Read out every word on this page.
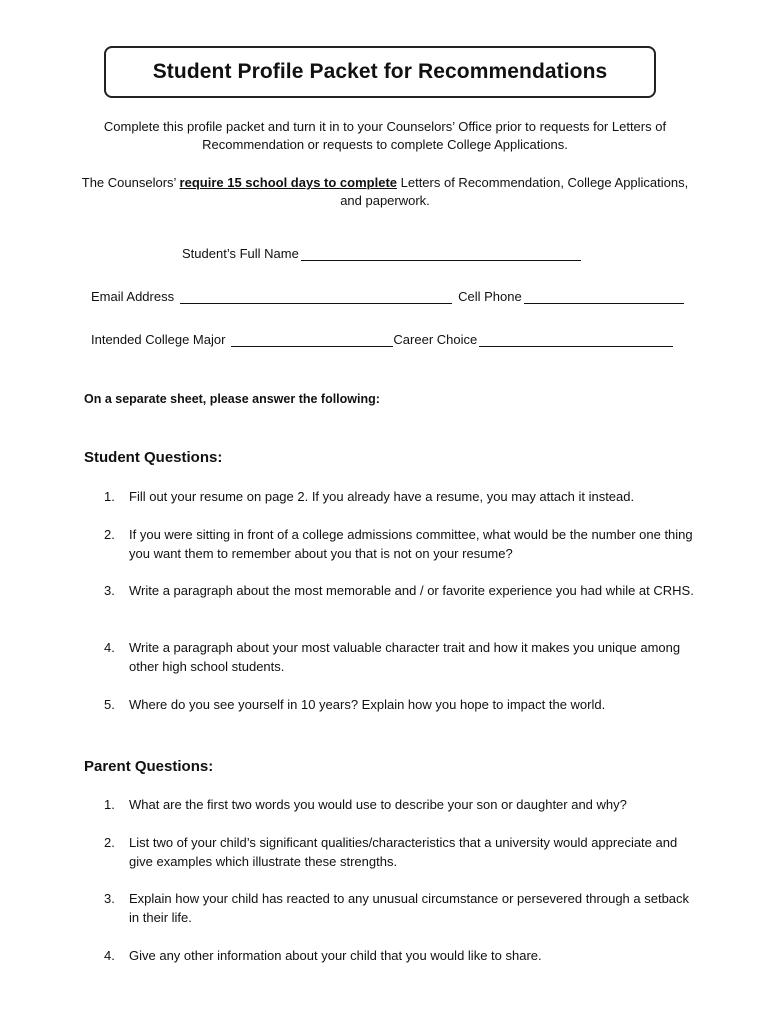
Student Profile Packet for Recommendations
Complete this profile packet and turn it in to your Counselors’ Office prior to requests for Letters of Recommendation or requests to complete College Applications.
The Counselors’ require 15 school days to complete Letters of Recommendation, College Applications, and paperwork.
Student’s Full Name
Email Address	Cell Phone
Intended College Major	Career Choice
On a separate sheet, please answer the following:
Student Questions:
1.	Fill out your resume on page 2. If you already have a resume, you may attach it instead.
2.	If you were sitting in front of a college admissions committee, what would be the number one thing you want them to remember about you that is not on your resume?
3.	Write a paragraph about the most memorable and / or favorite experience you had while at CRHS.
4.	Write a paragraph about your most valuable character trait and how it makes you unique among other high school students.
5.	Where do you see yourself in 10 years? Explain how you hope to impact the world.
Parent Questions:
1.	What are the first two words you would use to describe your son or daughter and why?
2.	List two of your child’s significant qualities/characteristics that a university would appreciate and give examples which illustrate these strengths.
3.	Explain how your child has reacted to any unusual circumstance or persevered through a setback in their life.
4.	Give any other information about your child that you would like to share.
